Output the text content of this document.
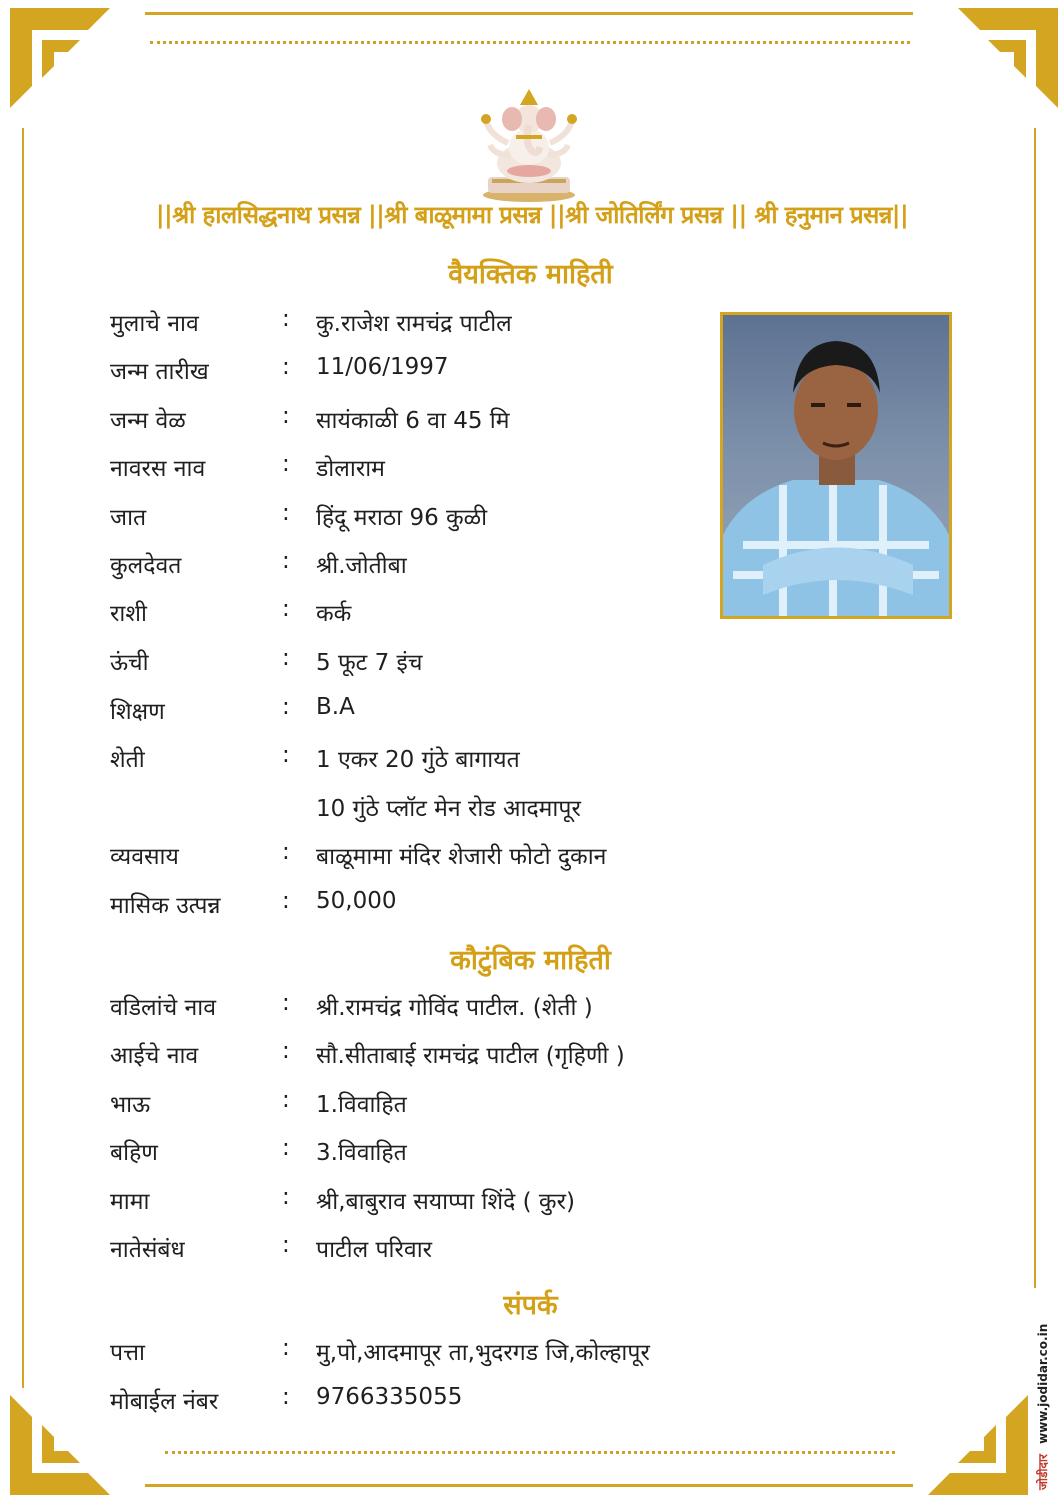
||श्री हालसिद्धनाथ प्रसन्न ||श्री बाळूमामा प्रसन्न ||श्री जोतिर्लिंग प्रसन्न || श्री हनुमान प्रसन्न||
वैयक्तिक माहिती
मुलाचे नाव	: कु.राजेश रामचंद्र पाटील
जन्म तारीख	: 11/06/1997
जन्म वेळ	: सायंकाळी 6 वा 45 मि
नावरस नाव	: डोलाराम
जात	: हिंदू मराठा 96 कुळी
कुलदेवत	: श्री.जोतीबा
राशी	: कर्क
ऊंची	: 5 फूट 7 इंच
शिक्षण	: B.A
शेती	: 1 एकर 20 गुंठे बागायत
10 गुंठे प्लॉट मेन रोड आदमापूर
व्यवसाय	: बाळूमामा मंदिर शेजारी फोटो दुकान
मासिक उत्पन्न	: 50,000
कौटुंबिक माहिती
वडिलांचे नाव	: श्री.रामचंद्र गोविंद पाटील. (शेती )
आईचे नाव	: सौ.सीताबाई रामचंद्र पाटील (गृहिणी )
भाऊ	: 1.विवाहित
बहिण	: 3.विवाहित
मामा	: श्री,बाबुराव सयाप्पा शिंदे ( कुर)
नातेसंबंध	: पाटील परिवार
संपर्क
पत्ता	: मु,पो,आदमापूर ता,भुदरगड जि,कोल्हापूर
मोबाईल नंबर	: 9766335055
जोडीदार www.jodidar.co.in
